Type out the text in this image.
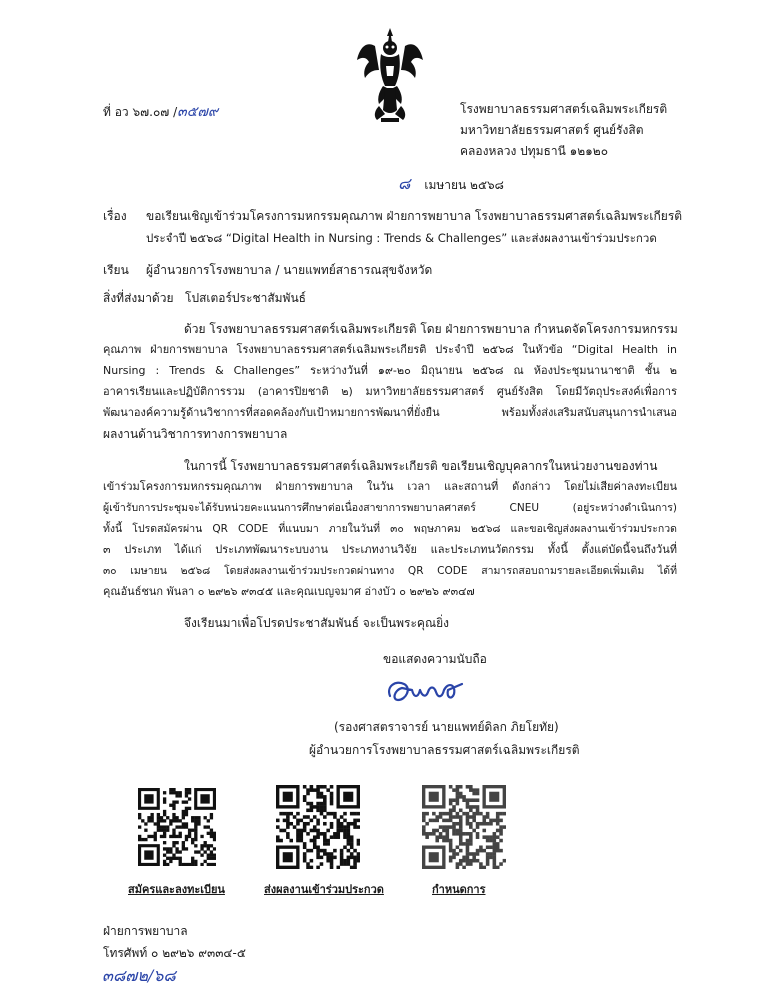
ที่ อว ๖๗.๐๗ /๓๕๗๙	โรงพยาบาลธรรมศาสตร์เฉลิมพระเกียรติ
มหาวิทยาลัยธรรมศาสตร์ ศูนย์รังสิต
คลองหลวง ปทุมธานี ๑๒๑๒๐
๘ เมษายน ๒๕๖๘
เรื่อง ขอเรียนเชิญเข้าร่วมโครงการมหกรรมคุณภาพ ฝ่ายการพยาบาล โรงพยาบาลธรรมศาสตร์เฉลิมพระเกียรติ
ประจำปี ๒๕๖๘ “Digital Health in Nursing : Trends & Challenges” และส่งผลงานเข้าร่วมประกวด
เรียน ผู้อำนวยการโรงพยาบาล / นายแพทย์สาธารณสุขจังหวัด
สิ่งที่ส่งมาด้วย โปสเตอร์ประชาสัมพันธ์
ด้วย โรงพยาบาลธรรมศาสตร์เฉลิมพระเกียรติ โดย ฝ่ายการพยาบาล กำหนดจัดโครงการมหกรรม
คุณภาพ ฝ่ายการพยาบาล โรงพยาบาลธรรมศาสตร์เฉลิมพระเกียรติ ประจำปี ๒๕๖๘ ในหัวข้อ “Digital Health in
Nursing : Trends & Challenges” ระหว่างวันที่ ๑๙-๒๐ มิถุนายน ๒๕๖๘ ณ ห้องประชุมนานาชาติ ชั้น ๒
อาคารเรียนและปฏิบัติการรวม (อาคารปิยชาติ ๒) มหาวิทยาลัยธรรมศาสตร์ ศูนย์รังสิต โดยมีวัตถุประสงค์เพื่อการ
พัฒนาองค์ความรู้ด้านวิชาการที่สอดคล้องกับเป้าหมายการพัฒนาที่ยั่งยืน พร้อมทั้งส่งเสริมสนับสนุนการนำเสนอ
ผลงานด้านวิชาการทางการพยาบาล
ในการนี้ โรงพยาบาลธรรมศาสตร์เฉลิมพระเกียรติ ขอเรียนเชิญบุคลากรในหน่วยงานของท่าน
เข้าร่วมโครงการมหกรรมคุณภาพ ฝ่ายการพยาบาล ในวัน เวลา และสถานที่ ดังกล่าว โดยไม่เสียค่าลงทะเบียน
ผู้เข้ารับการประชุมจะได้รับหน่วยคะแนนการศึกษาต่อเนื่องสาขาการพยาบาลศาสตร์ CNEU (อยู่ระหว่างดำเนินการ)
ทั้งนี้ โปรดสมัครผ่าน QR CODE ที่แนบมา ภายในวันที่ ๓๐ พฤษภาคม ๒๕๖๘ และขอเชิญส่งผลงานเข้าร่วมประกวด
๓ ประเภท ได้แก่ ประเภทพัฒนาระบบงาน ประเภทงานวิจัย และประเภทนวัตกรรม ทั้งนี้ ตั้งแต่บัดนี้จนถึงวันที่
๓๐ เมษายน ๒๕๖๘ โดยส่งผลงานเข้าร่วมประกวดผ่านทาง QR CODE สามารถสอบถามรายละเอียดเพิ่มเติม ได้ที่
คุณอันธ์ชนก พันลา ๐ ๒๙๒๖ ๙๓๔๕ และคุณเบญจมาศ อ่างบัว ๐ ๒๙๒๖ ๙๓๔๗
จึงเรียนมาเพื่อโปรดประชาสัมพันธ์ จะเป็นพระคุณยิ่ง
ขอแสดงความนับถือ
(รองศาสตราจารย์ นายแพทย์ดิลก ภิยโยทัย)
ผู้อำนวยการโรงพยาบาลธรรมศาสตร์เฉลิมพระเกียรติ
สมัครและลงทะเบียน	ส่งผลงานเข้าร่วมประกวด	กำหนดการ
ฝ่ายการพยาบาล
โทรศัพท์ ๐ ๒๙๒๖ ๙๓๓๔-๕
๓๘๗๒/๖๘
